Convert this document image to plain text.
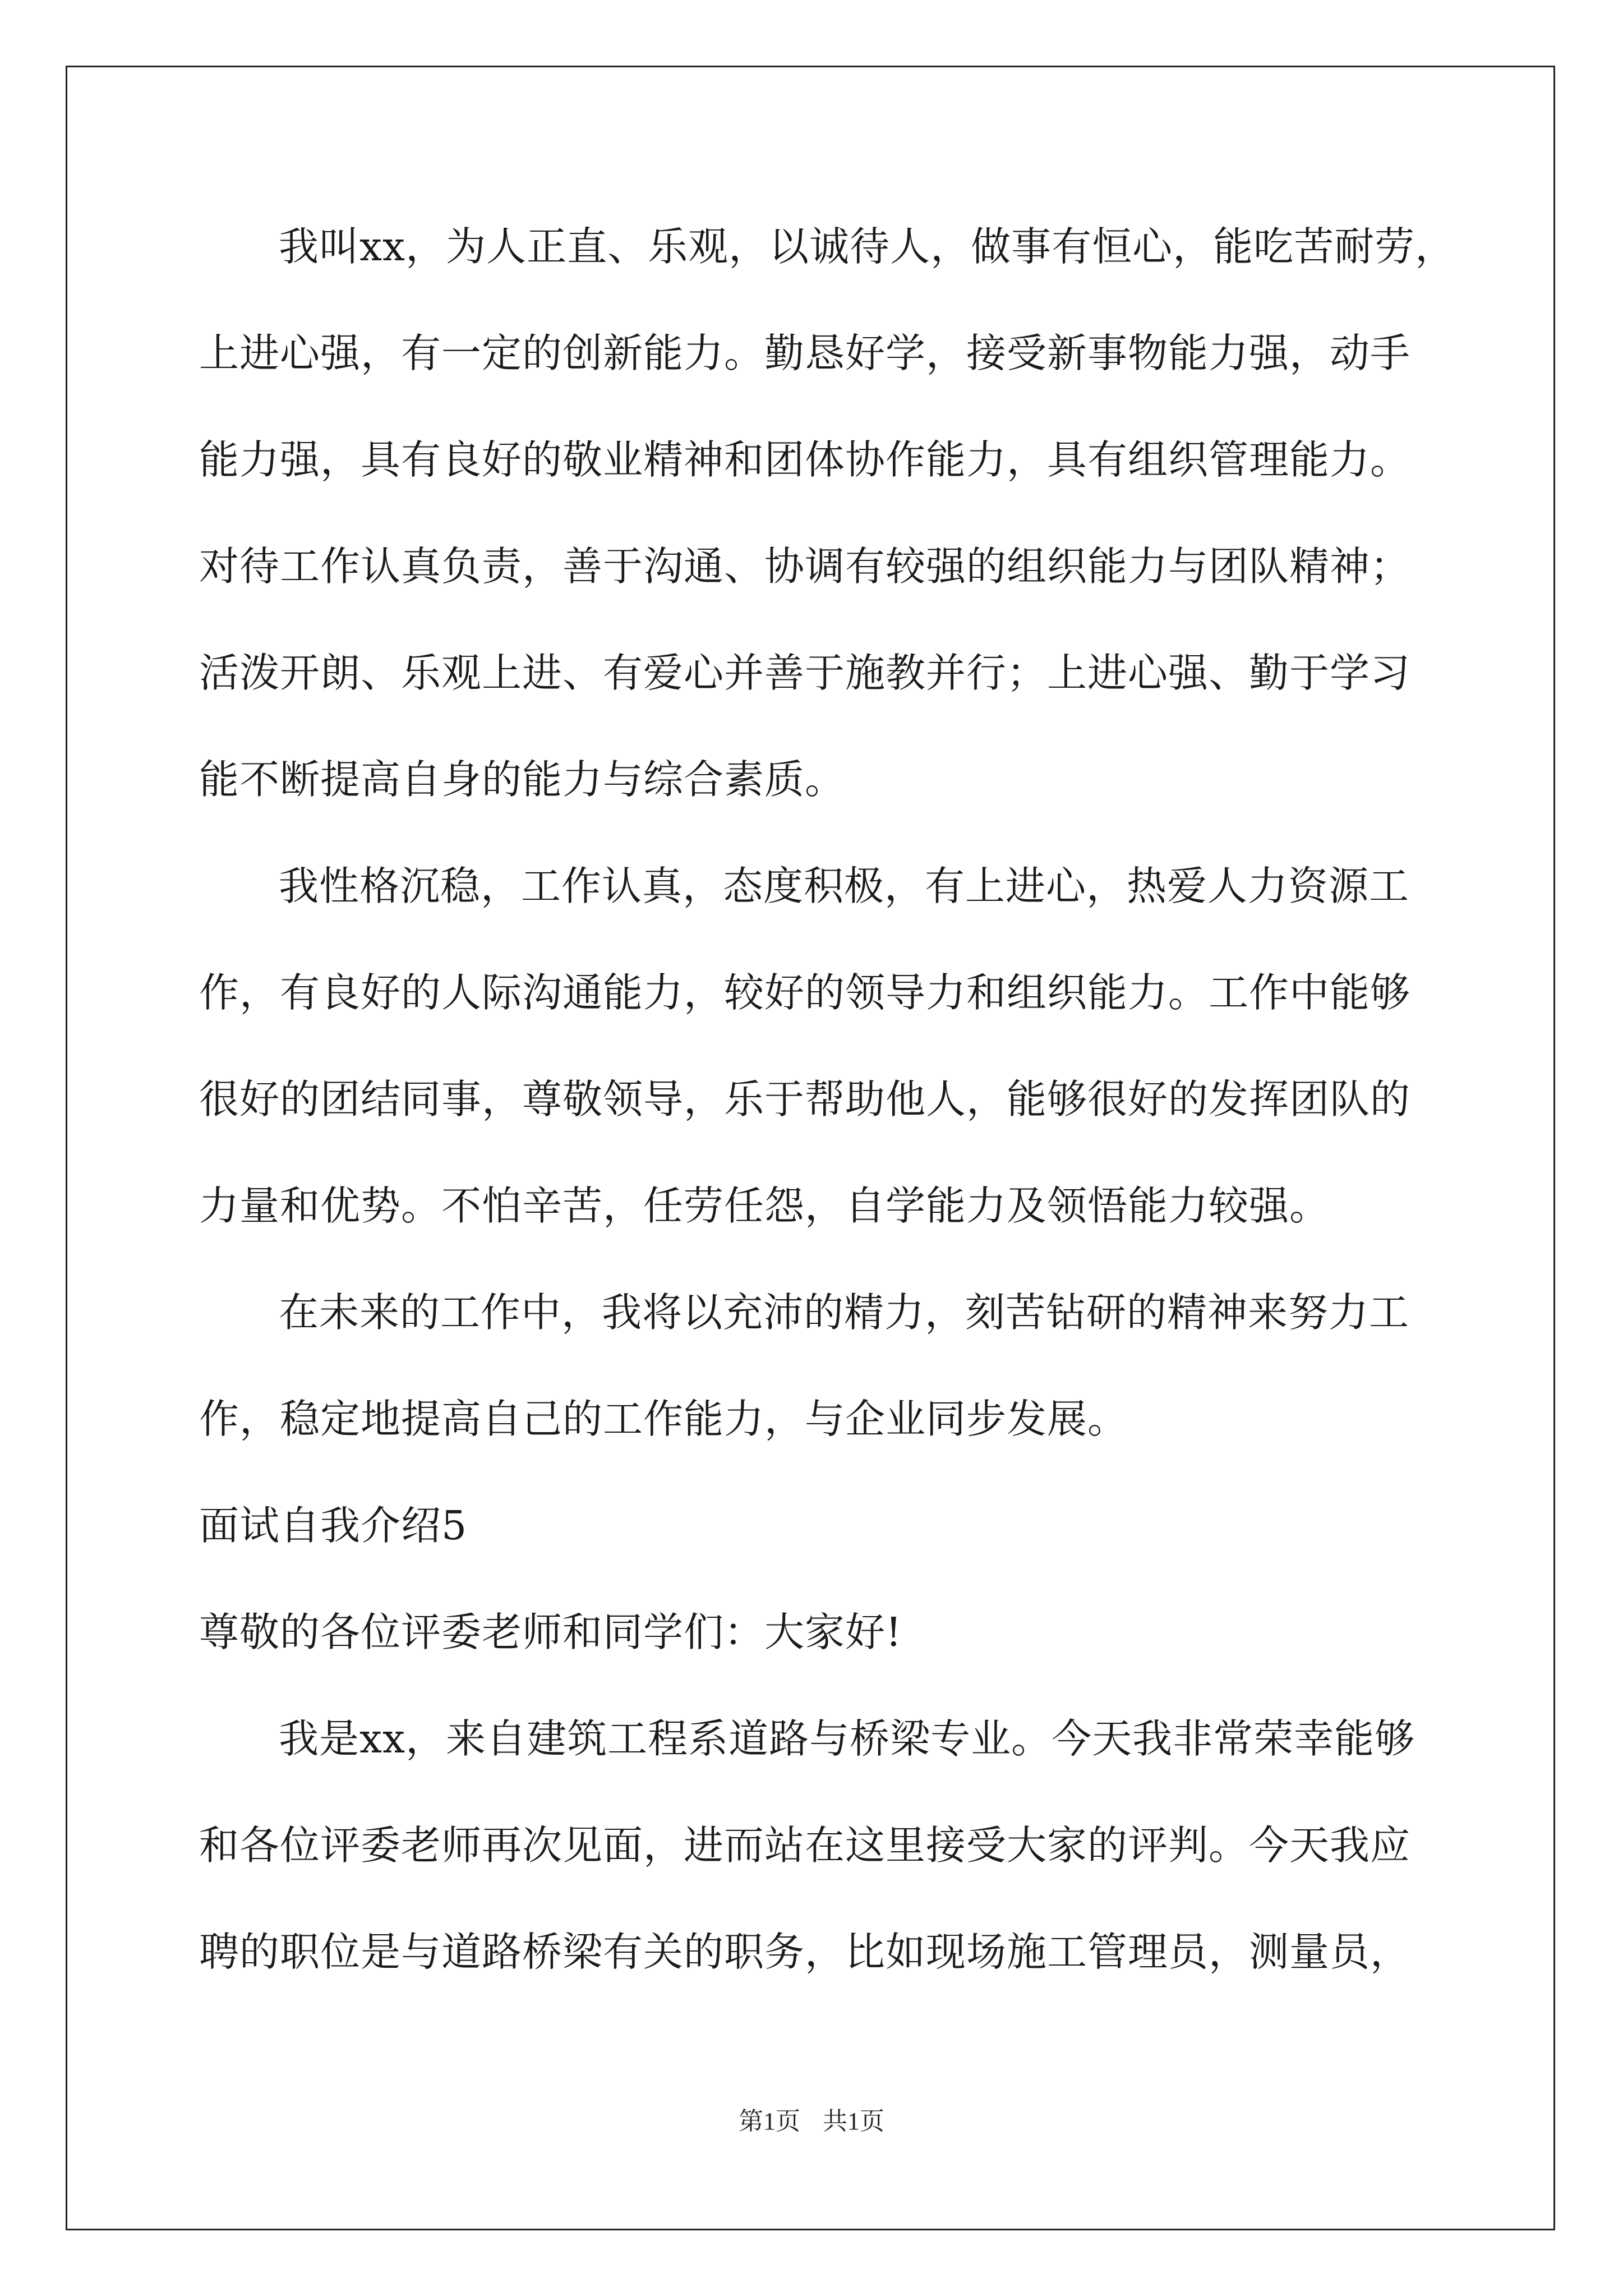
我叫xx，为人正直、乐观，以诚待人，做事有恒心，能吃苦耐劳，
上进心强，有一定的创新能力。勤恳好学，接受新事物能力强，动手
能力强，具有良好的敬业精神和团体协作能力，具有组织管理能力。
对待工作认真负责，善于沟通、协调有较强的组织能力与团队精神；
活泼开朗、乐观上进、有爱心并善于施教并行；上进心强、勤于学习
能不断提高自身的能力与综合素质。
我性格沉稳，工作认真，态度积极，有上进心，热爱人力资源工
作，有良好的人际沟通能力，较好的领导力和组织能力。工作中能够
很好的团结同事，尊敬领导，乐于帮助他人，能够很好的发挥团队的
力量和优势。不怕辛苦，任劳任怨，自学能力及领悟能力较强。
在未来的工作中，我将以充沛的精力，刻苦钻研的精神来努力工
作，稳定地提高自己的工作能力，与企业同步发展。
面试自我介绍5
尊敬的各位评委老师和同学们：大家好!
我是xx，来自建筑工程系道路与桥梁专业。今天我非常荣幸能够
和各位评委老师再次见面，进而站在这里接受大家的评判。今天我应
聘的职位是与道路桥梁有关的职务，比如现场施工管理员，测量员，
第1页 共1页
